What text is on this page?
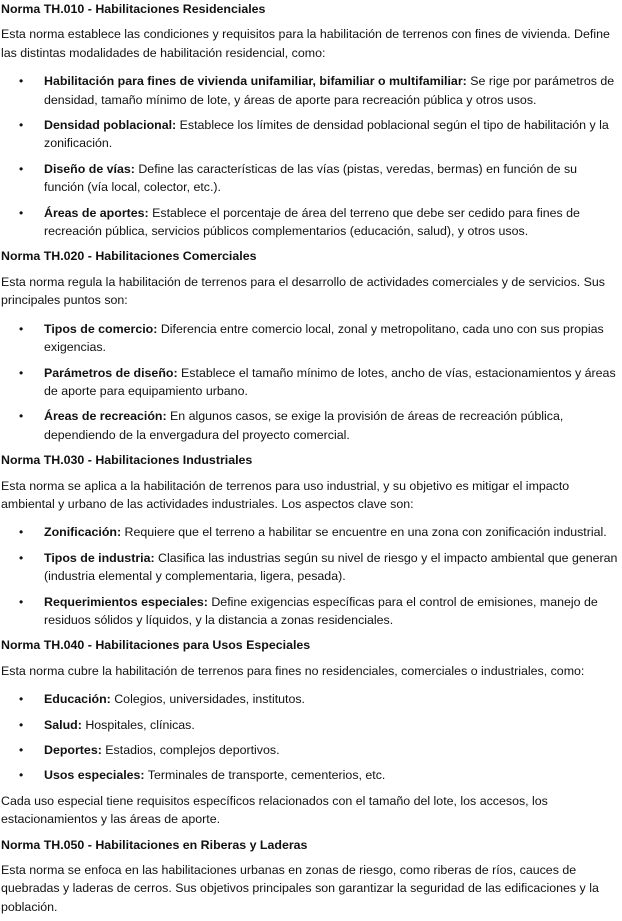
Norma TH.010 - Habilitaciones Residenciales

Esta norma establece las condiciones y requisitos para la habilitación de terrenos con fines de vivienda. Define las distintas modalidades de habilitación residencial, como:

• Habilitación para fines de vivienda unifamiliar, bifamiliar o multifamiliar: Se rige por parámetros de densidad, tamaño mínimo de lote, y áreas de aporte para recreación pública y otros usos.
• Densidad poblacional: Establece los límites de densidad poblacional según el tipo de habilitación y la zonificación.
• Diseño de vías: Define las características de las vías (pistas, veredas, bermas) en función de su función (vía local, colector, etc.).
• Áreas de aportes: Establece el porcentaje de área del terreno que debe ser cedido para fines de recreación pública, servicios públicos complementarios (educación, salud), y otros usos.

Norma TH.020 - Habilitaciones Comerciales

Esta norma regula la habilitación de terrenos para el desarrollo de actividades comerciales y de servicios. Sus principales puntos son:

• Tipos de comercio: Diferencia entre comercio local, zonal y metropolitano, cada uno con sus propias exigencias.
• Parámetros de diseño: Establece el tamaño mínimo de lotes, ancho de vías, estacionamientos y áreas de aporte para equipamiento urbano.
• Áreas de recreación: En algunos casos, se exige la provisión de áreas de recreación pública, dependiendo de la envergadura del proyecto comercial.

Norma TH.030 - Habilitaciones Industriales

Esta norma se aplica a la habilitación de terrenos para uso industrial, y su objetivo es mitigar el impacto ambiental y urbano de las actividades industriales. Los aspectos clave son:

• Zonificación: Requiere que el terreno a habilitar se encuentre en una zona con zonificación industrial.
• Tipos de industria: Clasifica las industrias según su nivel de riesgo y el impacto ambiental que generan (industria elemental y complementaria, ligera, pesada).
• Requerimientos especiales: Define exigencias específicas para el control de emisiones, manejo de residuos sólidos y líquidos, y la distancia a zonas residenciales.

Norma TH.040 - Habilitaciones para Usos Especiales

Esta norma cubre la habilitación de terrenos para fines no residenciales, comerciales o industriales, como:

• Educación: Colegios, universidades, institutos.
• Salud: Hospitales, clínicas.
• Deportes: Estadios, complejos deportivos.
• Usos especiales: Terminales de transporte, cementerios, etc.

Cada uso especial tiene requisitos específicos relacionados con el tamaño del lote, los accesos, los estacionamientos y las áreas de aporte.

Norma TH.050 - Habilitaciones en Riberas y Laderas

Esta norma se enfoca en las habilitaciones urbanas en zonas de riesgo, como riberas de ríos, cauces de quebradas y laderas de cerros. Sus objetivos principales son garantizar la seguridad de las edificaciones y la población.
